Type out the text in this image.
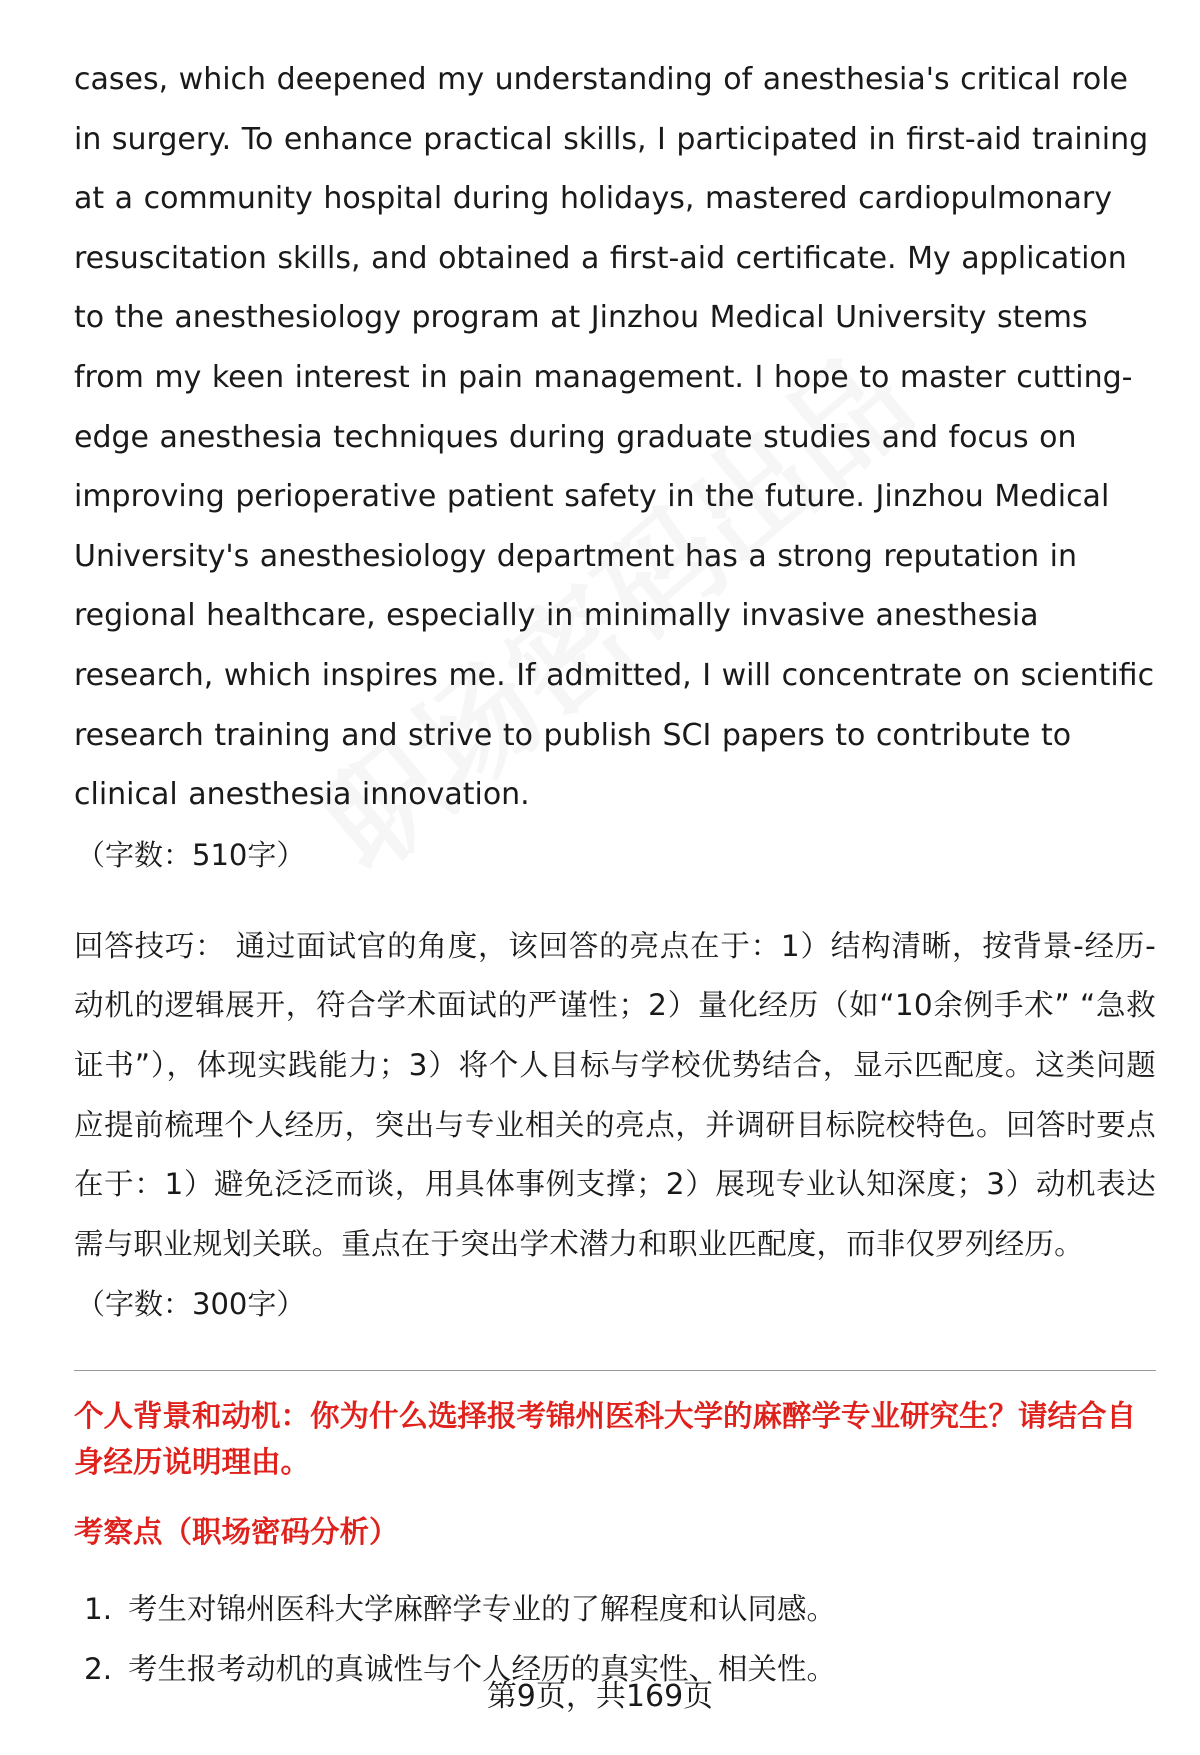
cases, which deepened my understanding of anesthesia's critical role in surgery. To enhance practical skills, I participated in first-aid training at a community hospital during holidays, mastered cardiopulmonary resuscitation skills, and obtained a first-aid certificate. My application to the anesthesiology program at Jinzhou Medical University stems from my keen interest in pain management. I hope to master cutting-edge anesthesia techniques during graduate studies and focus on improving perioperative patient safety in the future. Jinzhou Medical University's anesthesiology department has a strong reputation in regional healthcare, especially in minimally invasive anesthesia research, which inspires me. If admitted, I will concentrate on scientific research training and strive to publish SCI papers to contribute to clinical anesthesia innovation.

（字数：510字）

回答技巧： 通过面试官的角度，该回答的亮点在于：1）结构清晰，按背景-经历-动机的逻辑展开，符合学术面试的严谨性；2）量化经历（如“10余例手术” “急救证书”），体现实践能力；3）将个人目标与学校优势结合，显示匹配度。这类问题应提前梳理个人经历，突出与专业相关的亮点，并调研目标院校特色。回答时要点在于：1）避免泛泛而谈，用具体事例支撑；2）展现专业认知深度；3）动机表达需与职业规划关联。重点在于突出学术潜力和职业匹配度，而非仅罗列经历。

（字数：300字）

个人背景和动机：你为什么选择报考锦州医科大学的麻醉学专业研究生？请结合自身经历说明理由。

考察点（职场密码分析）

1. 考生对锦州医科大学麻醉学专业的了解程度和认同感。
2. 考生报考动机的真诚性与个人经历的真实性、相关性。
第9页，共169页
